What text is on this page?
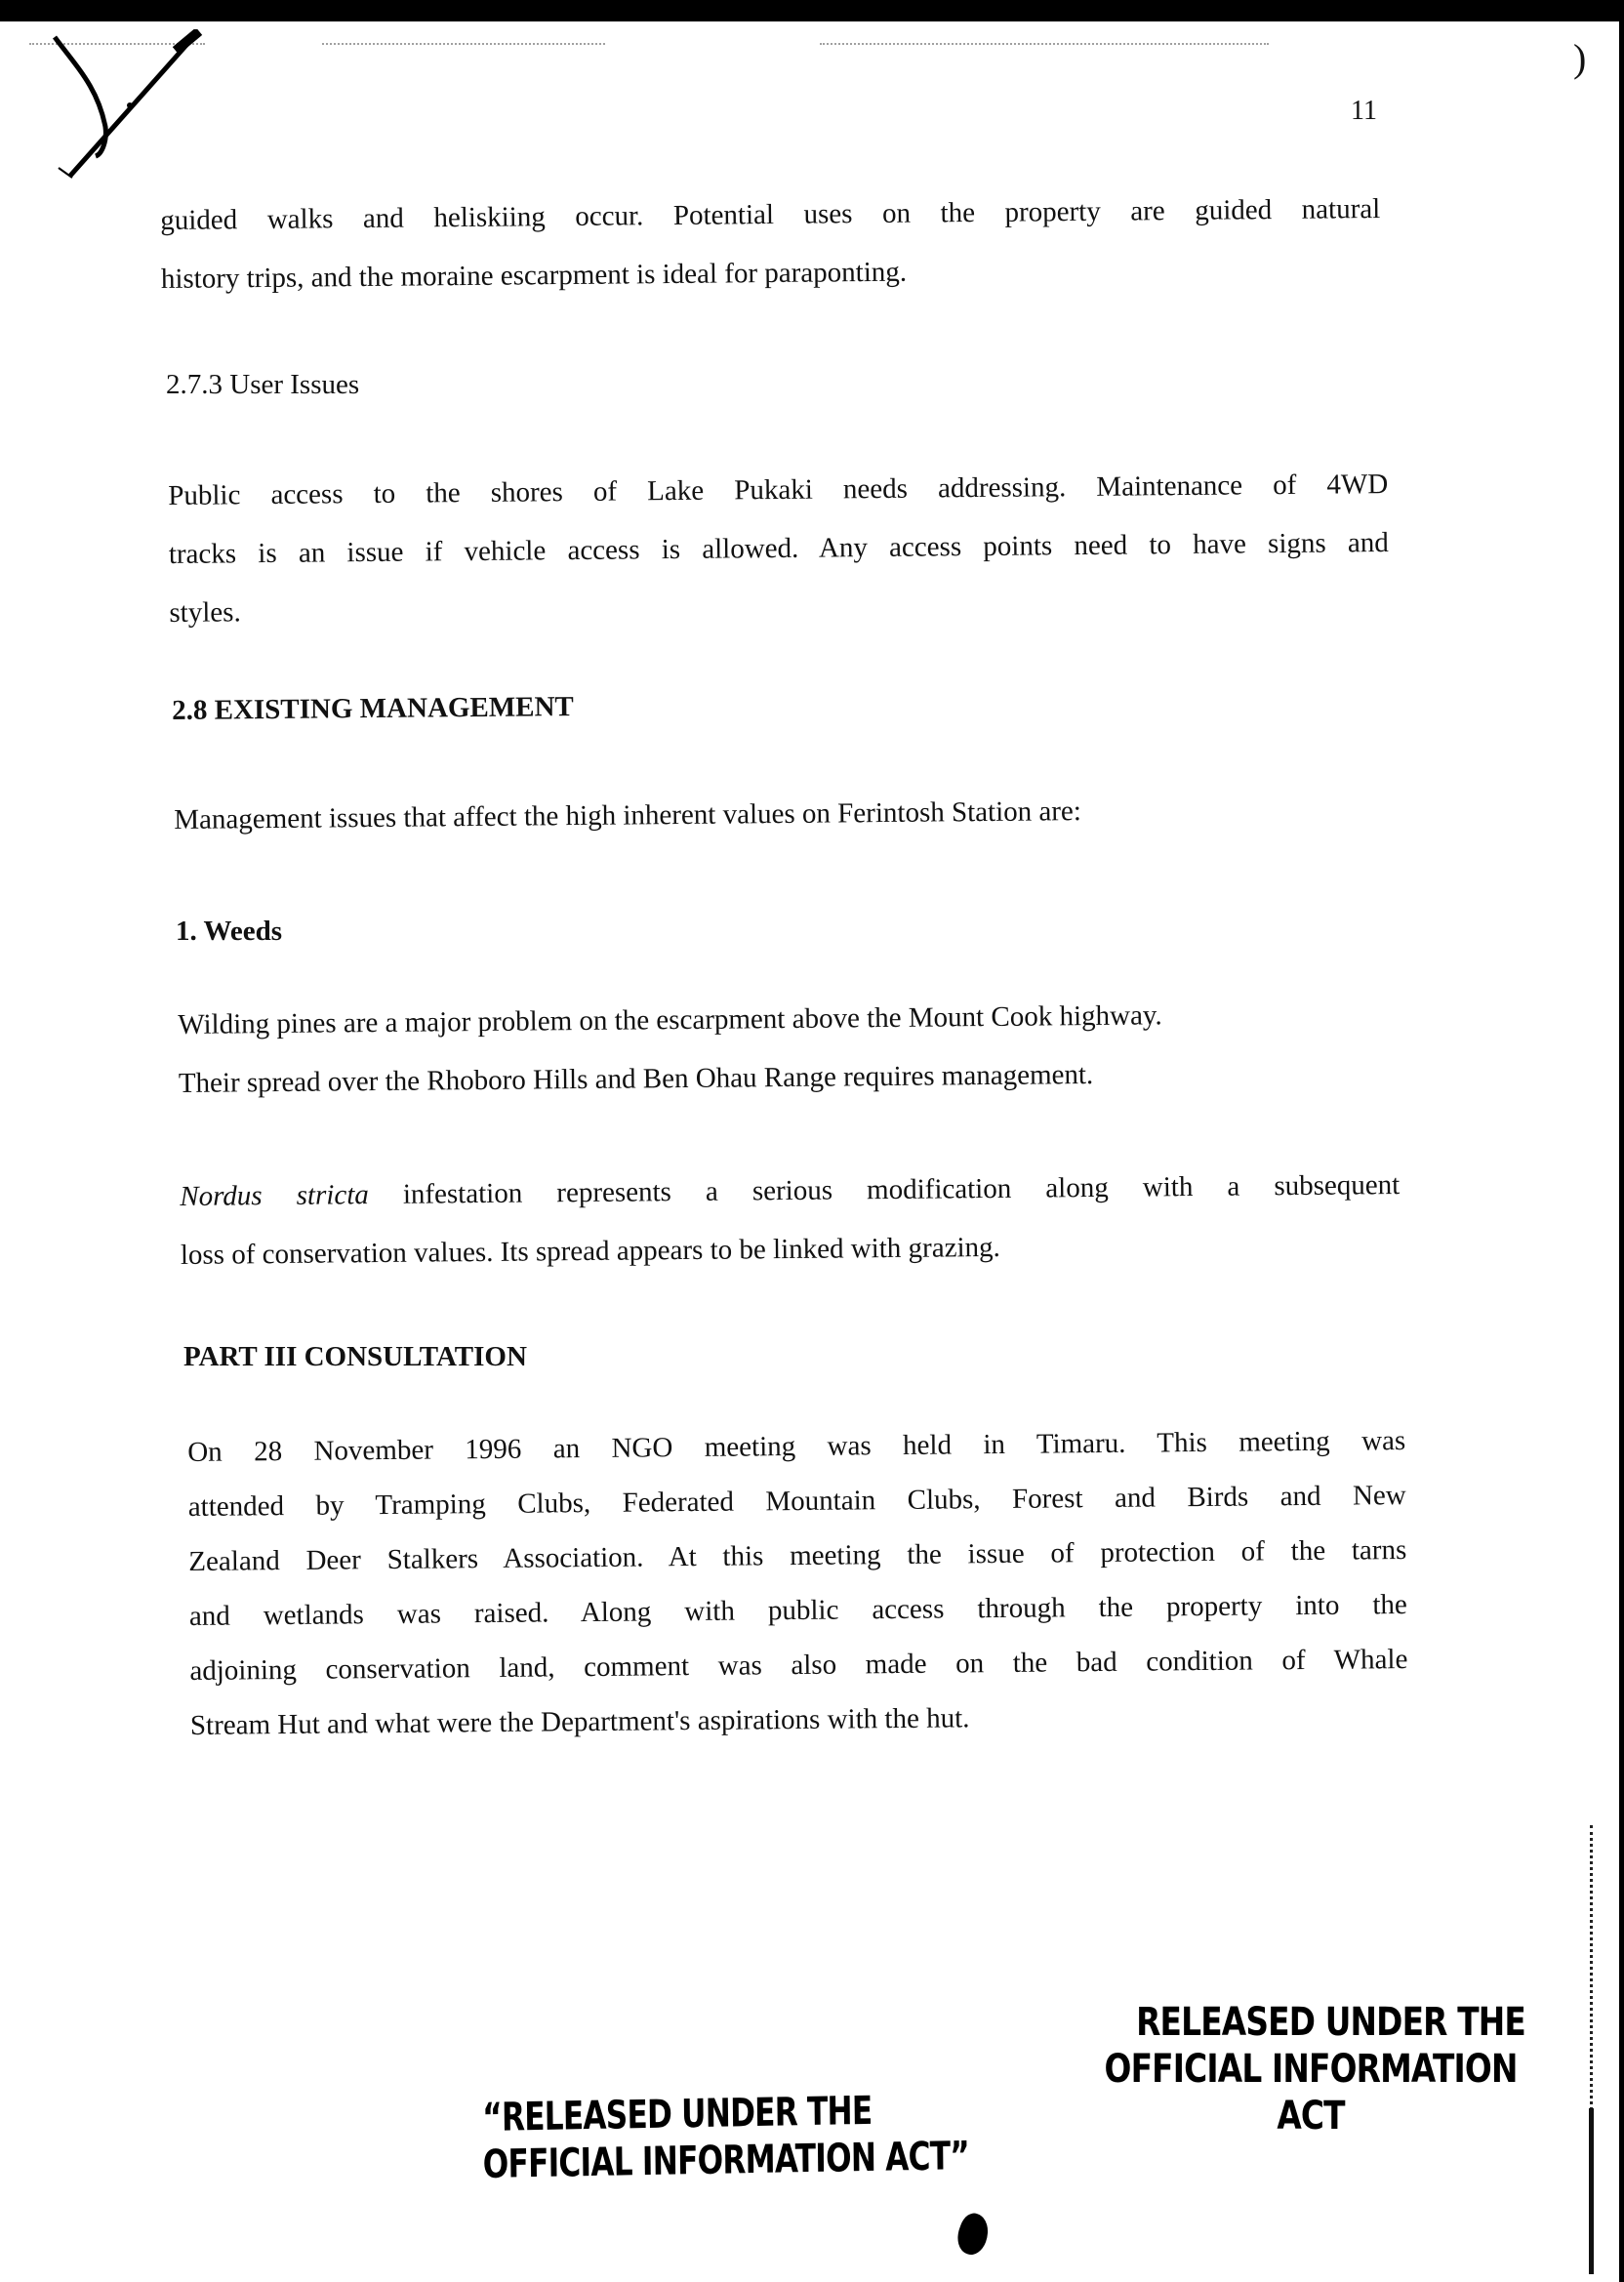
)
11
guided walks and heliskiing occur. Potential uses on the property are guided natural
history trips, and the moraine escarpment is ideal for paraponting.
2.7.3 User Issues
Public access to the shores of Lake Pukaki needs addressing. Maintenance of 4WD
tracks is an issue if vehicle access is allowed. Any access points need to have signs and
styles.
2.8 EXISTING MANAGEMENT
Management issues that affect the high inherent values on Ferintosh Station are:
1. Weeds
Wilding pines are a major problem on the escarpment above the Mount Cook highway.
Their spread over the Rhoboro Hills and Ben Ohau Range requires management.
Nordus stricta infestation represents a serious modification along with a subsequent
loss of conservation values. Its spread appears to be linked with grazing.
PART III CONSULTATION
On 28 November 1996 an NGO meeting was held in Timaru. This meeting was
attended by Tramping Clubs, Federated Mountain Clubs, Forest and Birds and New
Zealand Deer Stalkers Association. At this meeting the issue of protection of the tarns
and wetlands was raised. Along with public access through the property into the
adjoining conservation land, comment was also made on the bad condition of Whale
Stream Hut and what were the Department's aspirations with the hut.
RELEASED UNDER THE
OFFICIAL INFORMATION ACT
“RELEASED UNDER THE
OFFICIAL INFORMATION ACT”
